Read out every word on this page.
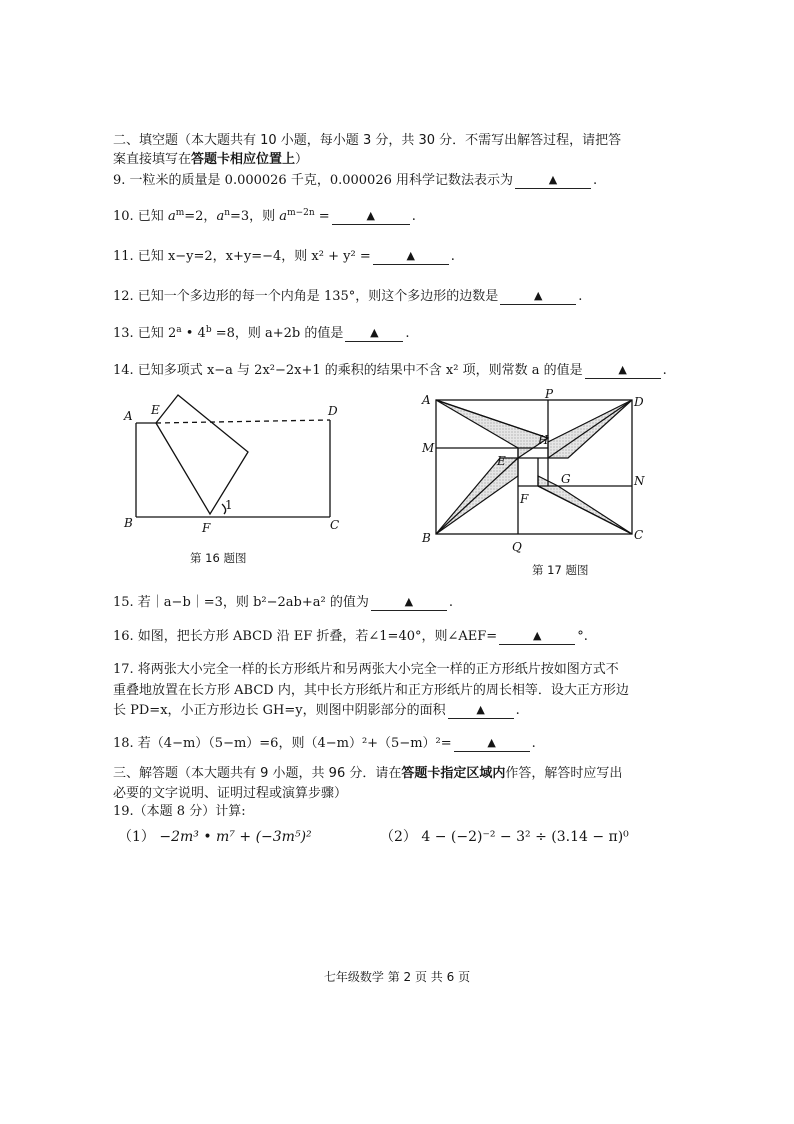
二、填空题（本大题共有 10 小题，每小题 3 分，共 30 分．不需写出解答过程，请把答
案直接填写在答题卡相应位置上）
9. 一粒米的质量是 0.000026 千克，0.000026 用科学记数法表示为	▲	.
10. 已知 $a^m=2$，$a^n=3$，则 $a^{m-2n}$ =	▲	.
11. 已知 x−y=2，x+y=−4，则 x² + y² =	▲	.
12. 已知一个多边形的每一个内角是 135°，则这个多边形的边数是	▲	.
13. 已知 2$^a$ • $4^b =8$，则 a+2b 的值是 ▲ .
14. 已知多项式 x−a 与 2x²−2x+1 的乘积的结果中不含 x² 项，则常数 a 的值是	▲	.
A E	D
B	F	C
1
第 16 题图
A	P
D
M
H
E
G	N
F
B
Q
C
第 17 题图
15. 若｜a−b｜=3，则 b²−2ab+a² 的值为	▲	.
16. 如图，把长方形 ABCD 沿 EF 折叠，若∠1=40°，则∠AEF=	▲	°.
17. 将两张大小完全一样的长方形纸片和另两张大小完全一样的正方形纸片按如图方式不
重叠地放置在长方形 ABCD 内，其中长方形纸片和正方形纸片的周长相等．设大正方形边
长 PD=x，小正方形边长 GH=y，则图中阴影部分的面积	▲ .
18. 若（4−m）（5−m）=6，则（4−m）²+（5−m）²=	▲	.
三、解答题（本大题共有 9 小题，共 96 分．请在答题卡指定区域内作答，解答时应写出
必要的文字说明、证明过程或演算步骤）
19.（本题 8 分）计算:
（1） −2m³ • m⁷ + (−3m⁵)²	（2） 4 − (−2)⁻² − 3² ÷ (3.14 − π)⁰
七年级数学 第 2 页 共 6 页
